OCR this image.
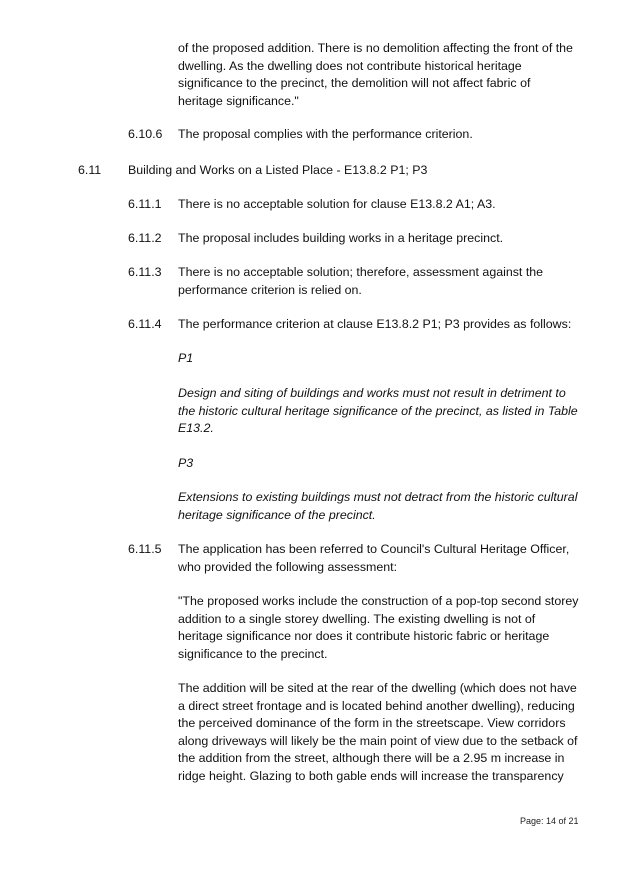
of the proposed addition. There is no demolition affecting the front of the dwelling. As the dwelling does not contribute historical heritage significance to the precinct, the demolition will not affect fabric of heritage significance."

6.10.6 The proposal complies with the performance criterion.

6.11 Building and Works on a Listed Place - E13.8.2 P1; P3

6.11.1 There is no acceptable solution for clause E13.8.2 A1; A3.

6.11.2 The proposal includes building works in a heritage precinct.

6.11.3 There is no acceptable solution; therefore, assessment against the performance criterion is relied on.

6.11.4 The performance criterion at clause E13.8.2 P1; P3 provides as follows:

P1

Design and siting of buildings and works must not result in detriment to the historic cultural heritage significance of the precinct, as listed in Table E13.2.

P3

Extensions to existing buildings must not detract from the historic cultural heritage significance of the precinct.

6.11.5 The application has been referred to Council's Cultural Heritage Officer, who provided the following assessment:

"The proposed works include the construction of a pop-top second storey addition to a single storey dwelling. The existing dwelling is not of heritage significance nor does it contribute historic fabric or heritage significance to the precinct.

The addition will be sited at the rear of the dwelling (which does not have a direct street frontage and is located behind another dwelling), reducing the perceived dominance of the form in the streetscape. View corridors along driveways will likely be the main point of view due to the setback of the addition from the street, although there will be a 2.95 m increase in ridge height. Glazing to both gable ends will increase the transparency

Page: 14 of 21
